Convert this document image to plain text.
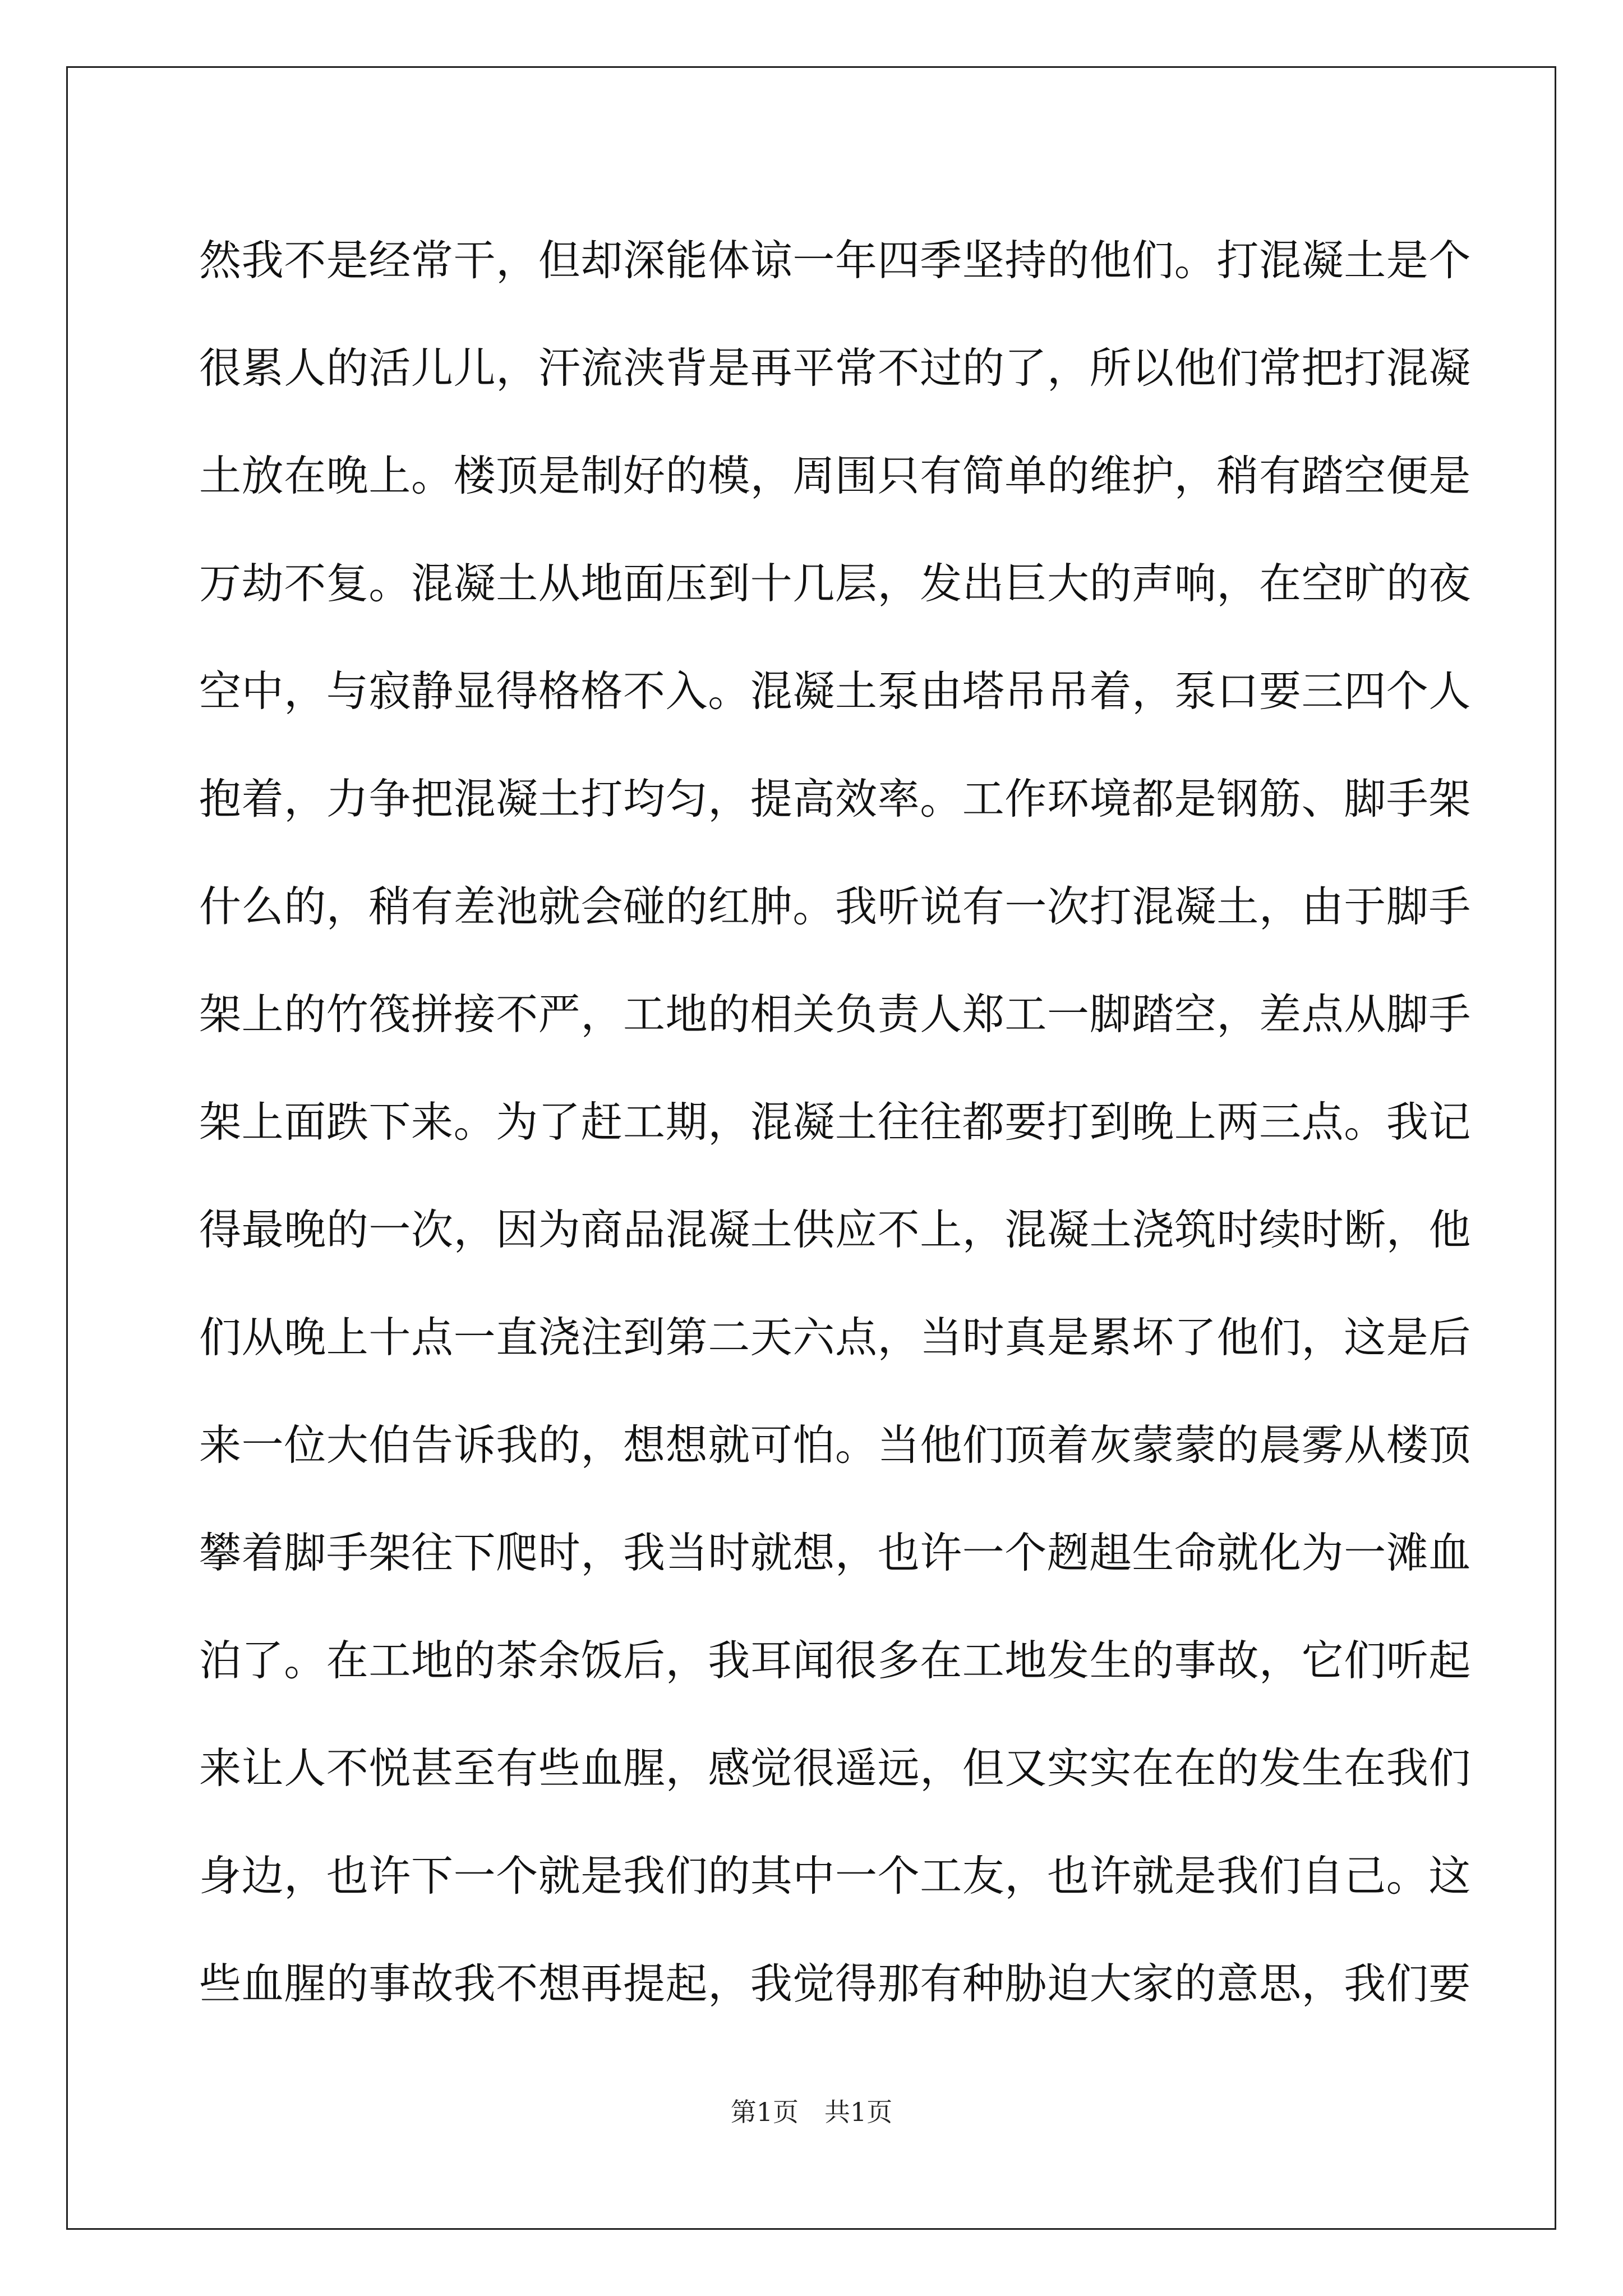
然我不是经常干，但却深能体谅一年四季坚持的他们。打混凝土是个
很累人的活儿儿，汗流浃背是再平常不过的了，所以他们常把打混凝
土放在晚上。楼顶是制好的模，周围只有简单的维护，稍有踏空便是
万劫不复。混凝土从地面压到十几层，发出巨大的声响，在空旷的夜
空中，与寂静显得格格不入。混凝土泵由塔吊吊着，泵口要三四个人
抱着，力争把混凝土打均匀，提高效率。工作环境都是钢筋、脚手架
什么的，稍有差池就会碰的红肿。我听说有一次打混凝土，由于脚手
架上的竹筏拼接不严，工地的相关负责人郑工一脚踏空，差点从脚手
架上面跌下来。为了赶工期，混凝土往往都要打到晚上两三点。我记
得最晚的一次，因为商品混凝土供应不上，混凝土浇筑时续时断，他
们从晚上十点一直浇注到第二天六点，当时真是累坏了他们，这是后
来一位大伯告诉我的，想想就可怕。当他们顶着灰蒙蒙的晨雾从楼顶
攀着脚手架往下爬时，我当时就想，也许一个趔趄生命就化为一滩血
泊了。在工地的茶余饭后，我耳闻很多在工地发生的事故，它们听起
来让人不悦甚至有些血腥，感觉很遥远，但又实实在在的发生在我们
身边，也许下一个就是我们的其中一个工友，也许就是我们自己。这
些血腥的事故我不想再提起，我觉得那有种胁迫大家的意思，我们要
第1页　共1页
